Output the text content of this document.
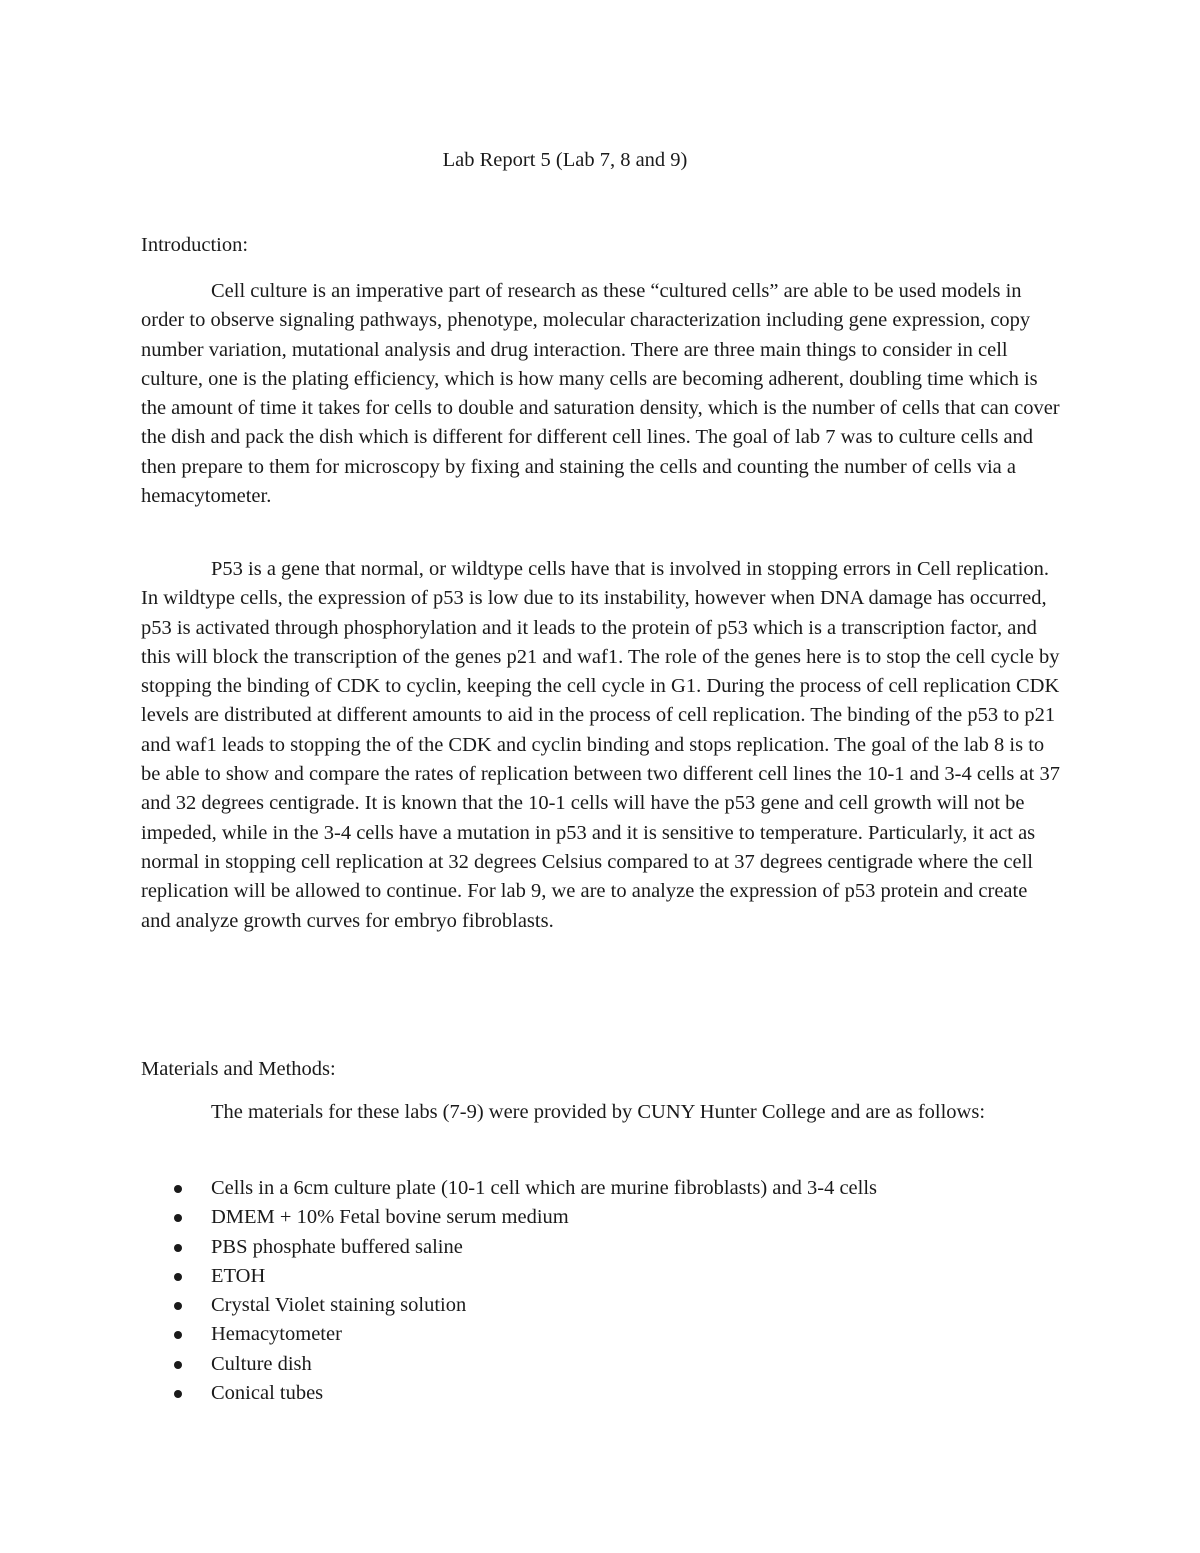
Lab Report 5 (Lab 7, 8 and 9)
Introduction:

Cell culture is an imperative part of research as these “cultured cells” are able to be used models in order to observe signaling pathways, phenotype, molecular characterization including gene expression, copy number variation, mutational analysis and drug interaction. There are three main things to consider in cell culture, one is the plating efficiency, which is how many cells are becoming adherent, doubling time which is the amount of time it takes for cells to double and saturation density, which is the number of cells that can cover the dish and pack the dish which is different for different cell lines. The goal of lab 7 was to culture cells and then prepare to them for microscopy by fixing and staining the cells and counting the number of cells via a hemacytometer.

P53 is a gene that normal, or wildtype cells have that is involved in stopping errors in Cell replication. In wildtype cells, the expression of p53 is low due to its instability, however when DNA damage has occurred, p53 is activated through phosphorylation and it leads to the protein of p53 which is a transcription factor, and this will block the transcription of the genes p21 and waf1. The role of the genes here is to stop the cell cycle by stopping the binding of CDK to cyclin, keeping the cell cycle in G1. During the process of cell replication CDK levels are distributed at different amounts to aid in the process of cell replication. The binding of the p53 to p21 and waf1 leads to stopping the of the CDK and cyclin binding and stops replication. The goal of the lab 8 is to be able to show and compare the rates of replication between two different cell lines the 10-1 and 3-4 cells at 37 and 32 degrees centigrade. It is known that the 10-1 cells will have the p53 gene and cell growth will not be impeded, while in the 3-4 cells have a mutation in p53 and it is sensitive to temperature. Particularly, it act as normal in stopping cell replication at 32 degrees Celsius compared to at 37 degrees centigrade where the cell replication will be allowed to continue. For lab 9, we are to analyze the expression of p53 protein and create and analyze growth curves for embryo fibroblasts.

Materials and Methods:

The materials for these labs (7-9) were provided by CUNY Hunter College and are as follows:

Cells in a 6cm culture plate (10-1 cell which are murine fibroblasts) and 3-4 cells
DMEM + 10% Fetal bovine serum medium
PBS phosphate buffered saline
ETOH
Crystal Violet staining solution
Hemacytometer
Culture dish
Conical tubes
